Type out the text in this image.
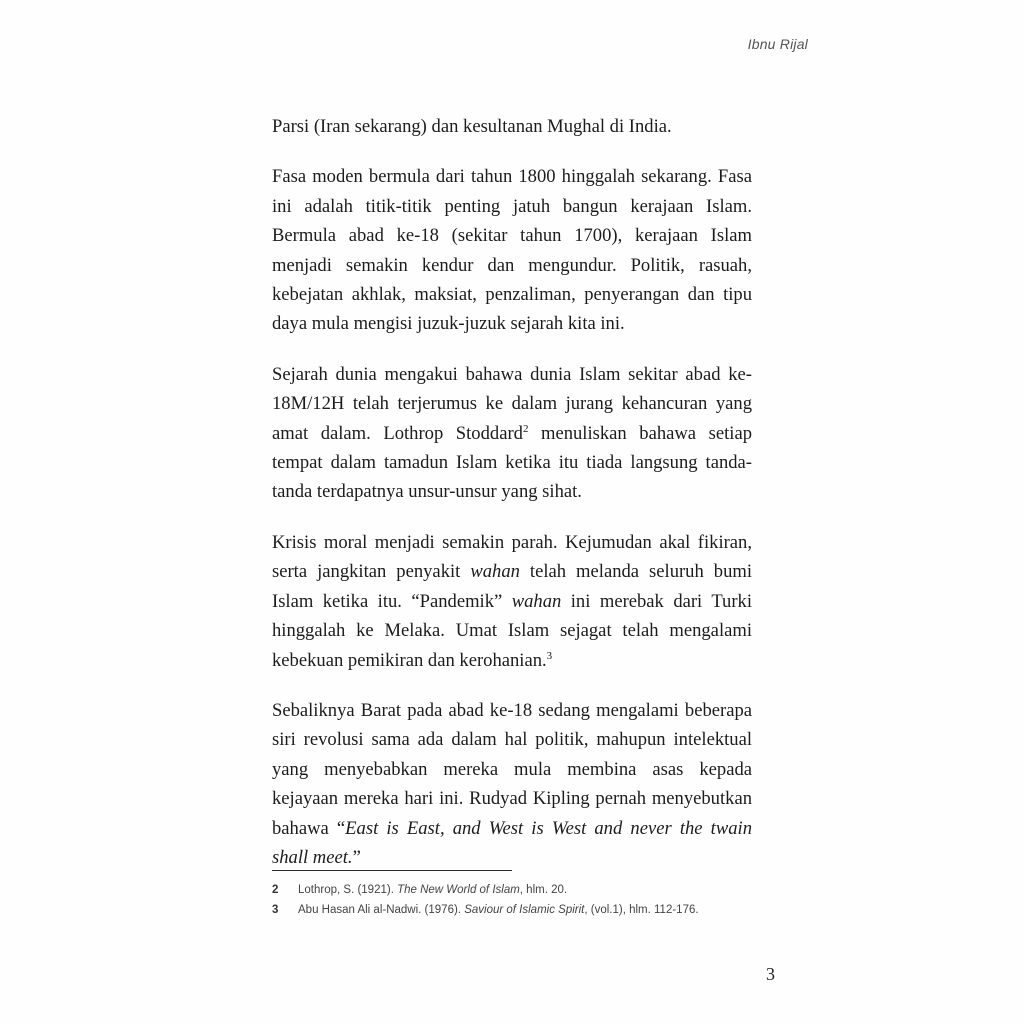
Ibnu Rijal

Parsi (Iran sekarang) dan kesultanan Mughal di India.

Fasa moden bermula dari tahun 1800 hinggalah sekarang. Fasa ini adalah titik-titik penting jatuh bangun kerajaan Islam. Bermula abad ke-18 (sekitar tahun 1700), kerajaan Islam menjadi semakin kendur dan mengundur. Politik, rasuah, kebejatan akhlak, maksiat, penzaliman, penyerangan dan tipu daya mula mengisi juzuk-juzuk sejarah kita ini.

Sejarah dunia mengakui bahawa dunia Islam sekitar abad ke-18M/12H telah terjerumus ke dalam jurang kehancuran yang amat dalam. Lothrop Stoddard$^2$ menuliskan bahawa setiap tempat dalam tamadun Islam ketika itu tiada langsung tanda-tanda terdapatnya unsur-unsur yang sihat.

Krisis moral menjadi semakin parah. Kejumudan akal fikiran, serta jangkitan penyakit wahan telah melanda seluruh bumi Islam ketika itu. “Pandemik” wahan ini merebak dari Turki hinggalah ke Melaka. Umat Islam sejagat telah mengalami kebekuan pemikiran dan kerohanian.$^3$

Sebaliknya Barat pada abad ke-18 sedang mengalami beberapa siri revolusi sama ada dalam hal politik, mahupun intelektual yang menyebabkan mereka mula membina asas kepada kejayaan mereka hari ini. Rudyad Kipling pernah menyebutkan bahawa “East is East, and West is West and never the twain shall meet.”

2	Lothrop, S. (1921). The New World of Islam, hlm. 20.
3	Abu Hasan Ali al-Nadwi. (1976). Saviour of Islamic Spirit, (vol.1), hlm. 112-176.
3
